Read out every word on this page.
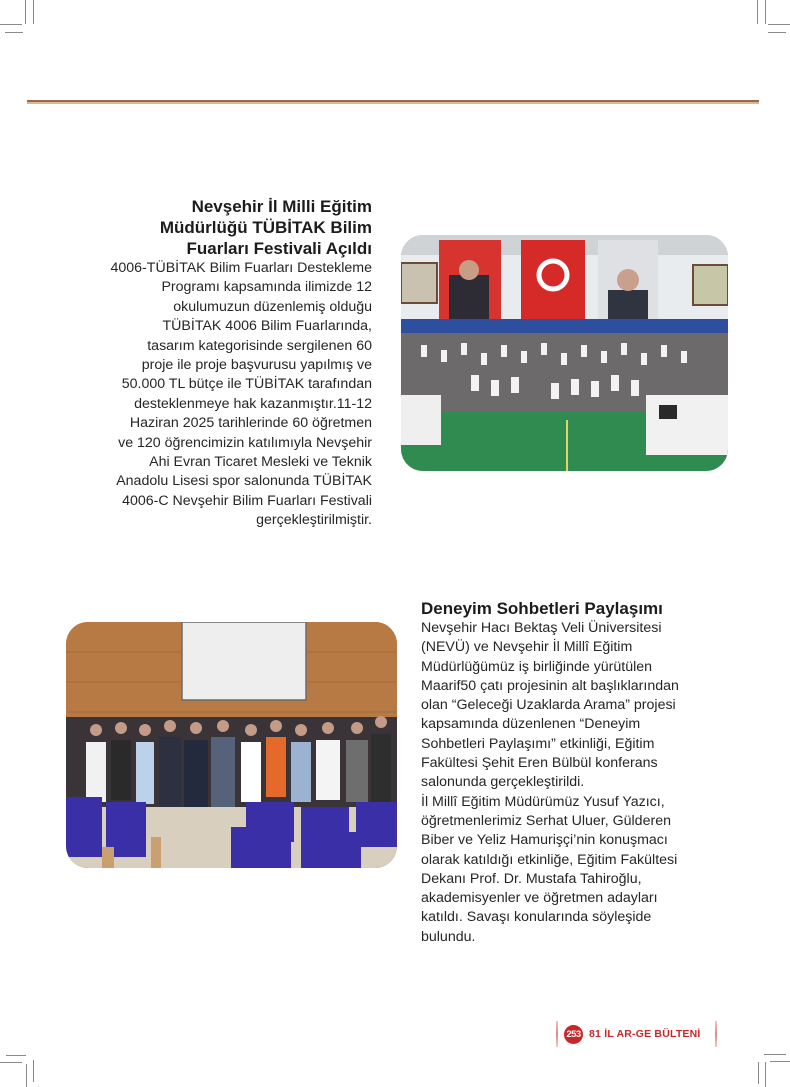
Nevşehir İl Milli Eğitim
Müdürlüğü TÜBİTAK Bilim
Fuarları Festivali Açıldı
4006-TÜBİTAK Bilim Fuarları Destekleme
Programı kapsamında ilimizde 12
okulumuzun düzenlemiş olduğu
TÜBİTAK 4006 Bilim Fuarlarında,
tasarım kategorisinde sergilenen 60
proje ile proje başvurusu yapılmış ve
50.000 TL bütçe ile TÜBİTAK tarafından
desteklenmeye hak kazanmıştır.11-12
Haziran 2025 tarihlerinde 60 öğretmen
ve 120 öğrencimizin katılımıyla Nevşehir
Ahi Evran Ticaret Mesleki ve Teknik
Anadolu Lisesi spor salonunda TÜBİTAK
4006-C Nevşehir Bilim Fuarları Festivali
gerçekleştirilmiştir.
Deneyim Sohbetleri Paylaşımı
Nevşehir Hacı Bektaş Veli Üniversitesi
(NEVÜ) ve Nevşehir İl Millî Eğitim
Müdürlüğümüz iş birliğinde yürütülen
Maarif50 çatı projesinin alt başlıklarından
olan “Geleceği Uzaklarda Arama” projesi
kapsamında düzenlenen “Deneyim
Sohbetleri Paylaşımı” etkinliği, Eğitim
Fakültesi Şehit Eren Bülbül konferans
salonunda gerçekleştirildi.
İl Millî Eğitim Müdürümüz Yusuf Yazıcı,
öğretmenlerimiz Serhat Uluer, Gülderen
Biber ve Yeliz Hamurişçi’nin konuşmacı
olarak katıldığı etkinliğe, Eğitim Fakültesi
Dekanı Prof. Dr. Mustafa Tahiroğlu,
akademisyenler ve öğretmen adayları
katıldı. Savaşı konularında söyleşide
bulundu.
253 81 İL AR-GE BÜLTENİ
